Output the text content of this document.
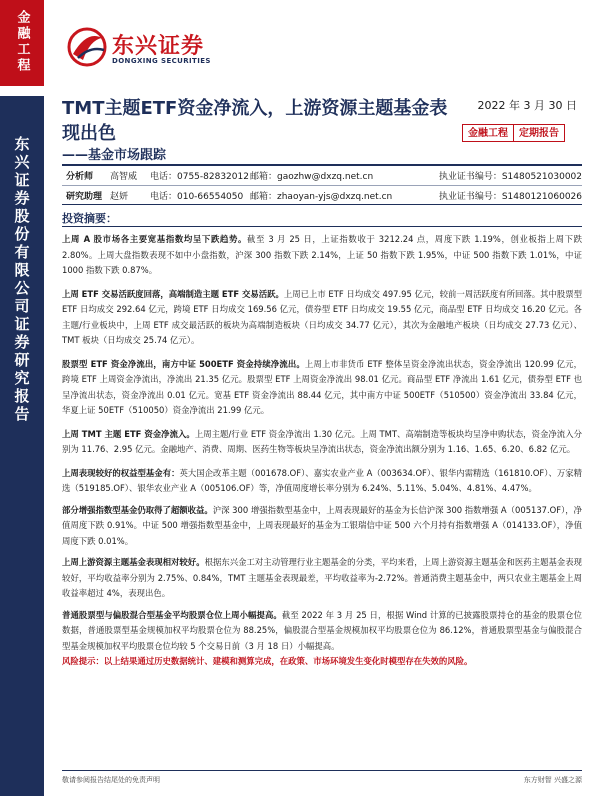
金融工程
东兴证券股份有限公司证券研究报告
东兴证券
DONGXING SECURITIES
TMT主题ETF资金净流入，上游资源主题基金表现出色
——基金市场跟踪
2022 年 3 月 30 日
金融工程	定期报告
分析师	高智威	电话：0755-82832012 邮箱：gaozhw@dxzq.net.cn	执业证书编号：S1480521030002
研究助理 赵妍	电话：010-66554050 邮箱：zhaoyan-yjs@dxzq.net.cn	执业证书编号：S1480121060026
投资摘要：

上周 A 股市场各主要宽基指数均呈下跌趋势。截至 3 月 25 日，上证指数收于 3212.24 点，周度下跌 1.19%，创业板指上周下跌 2.80%。上周大盘指数表现不如中小盘指数，沪深 300 指数下跌 2.14%，上证 50 指数下跌 1.95%，中证 500 指数下跌 1.01%，中证 1000 指数下跌 0.87%。

上周 ETF 交易活跃度回落，高端制造主题 ETF 交易活跃。上周已上市 ETF 日均成交 497.95 亿元，较前一周活跃度有所回落。其中股票型 ETF 日均成交 292.64 亿元，跨境 ETF 日均成交 169.56 亿元，债券型 ETF 日均成交 19.55 亿元，商品型 ETF 日均成交 16.20 亿元。各主题/行业板块中，上周 ETF 成交最活跃的板块为高端制造板块（日均成交 34.77 亿元），其次为金融地产板块（日均成交 27.73 亿元）、TMT 板块（日均成交 25.74 亿元）。

股票型 ETF 资金净流出，南方中证 500ETF 资金持续净流出。上周上市非货币 ETF 整体呈资金净流出状态，资金净流出 120.99 亿元，跨境 ETF 上周资金净流出，净流出 21.35 亿元。股票型 ETF 上周资金净流出 98.01 亿元。商品型 ETF 净流出 1.61 亿元，债券型 ETF 也呈净流出状态，资金净流出 0.01 亿元。宽基 ETF 资金净流出 88.44 亿元，其中南方中证 500ETF（510500）资金净流出 33.84 亿元，华夏上证 50ETF（510050）资金净流出 21.99 亿元。

上周 TMT 主题 ETF 资金净流入。上周主题/行业 ETF 资金净流出 1.30 亿元。上周 TMT、高端制造等板块均呈净申购状态，资金净流入分别为 11.76、2.95 亿元。金融地产、消费、周期、医药生物等板块呈净流出状态，资金净流出额分别为 1.16、1.65、6.20、6.82 亿元。

上周表现较好的权益型基金有：英大国企改革主题（001678.OF）、嘉实农业产业 A（003634.OF）、银华内需精选（161810.OF）、万家精选（519185.OF）、银华农业产业 A（005106.OF）等，净值周度增长率分别为 6.24%、5.11%、5.04%、4.81%、4.47%。

部分增强指数型基金仍取得了超额收益。沪深 300 增强指数型基金中，上周表现最好的基金为长信沪深 300 指数增强 A（005137.OF），净值周度下跌 0.91%。中证 500 增强指数型基金中，上周表现最好的基金为工银瑞信中证 500 六个月持有指数增强 A（014133.OF），净值周度下跌 0.01%。

上周上游资源主题基金表现相对较好。根据东兴金工对主动管理行业主题基金的分类，平均来看，上周上游资源主题基金和医药主题基金表现较好，平均收益率分别为 2.75%、0.84%，TMT 主题基金表现最差，平均收益率为-2.72%。普通消费主题基金中，两只农业主题基金上周收益率超过 4%，表现出色。

普通股票型与偏股混合型基金平均股票仓位上周小幅提高。截至 2022 年 3 月 25 日，根据 Wind 计算的已披露股票持仓的基金的股票仓位数据，普通股票型基金规模加权平均股票仓位为 88.25%，偏股混合型基金规模加权平均股票仓位为 86.12%，普通股票型基金与偏股混合型基金规模加权平均股票仓位均较 5 个交易日前（3 月 18 日）小幅提高。

风险提示：以上结果通过历史数据统计、建模和测算完成，在政策、市场环境发生变化时模型存在失效的风险。

敬请参阅报告结尾处的免责声明	东方财智 兴盛之源
